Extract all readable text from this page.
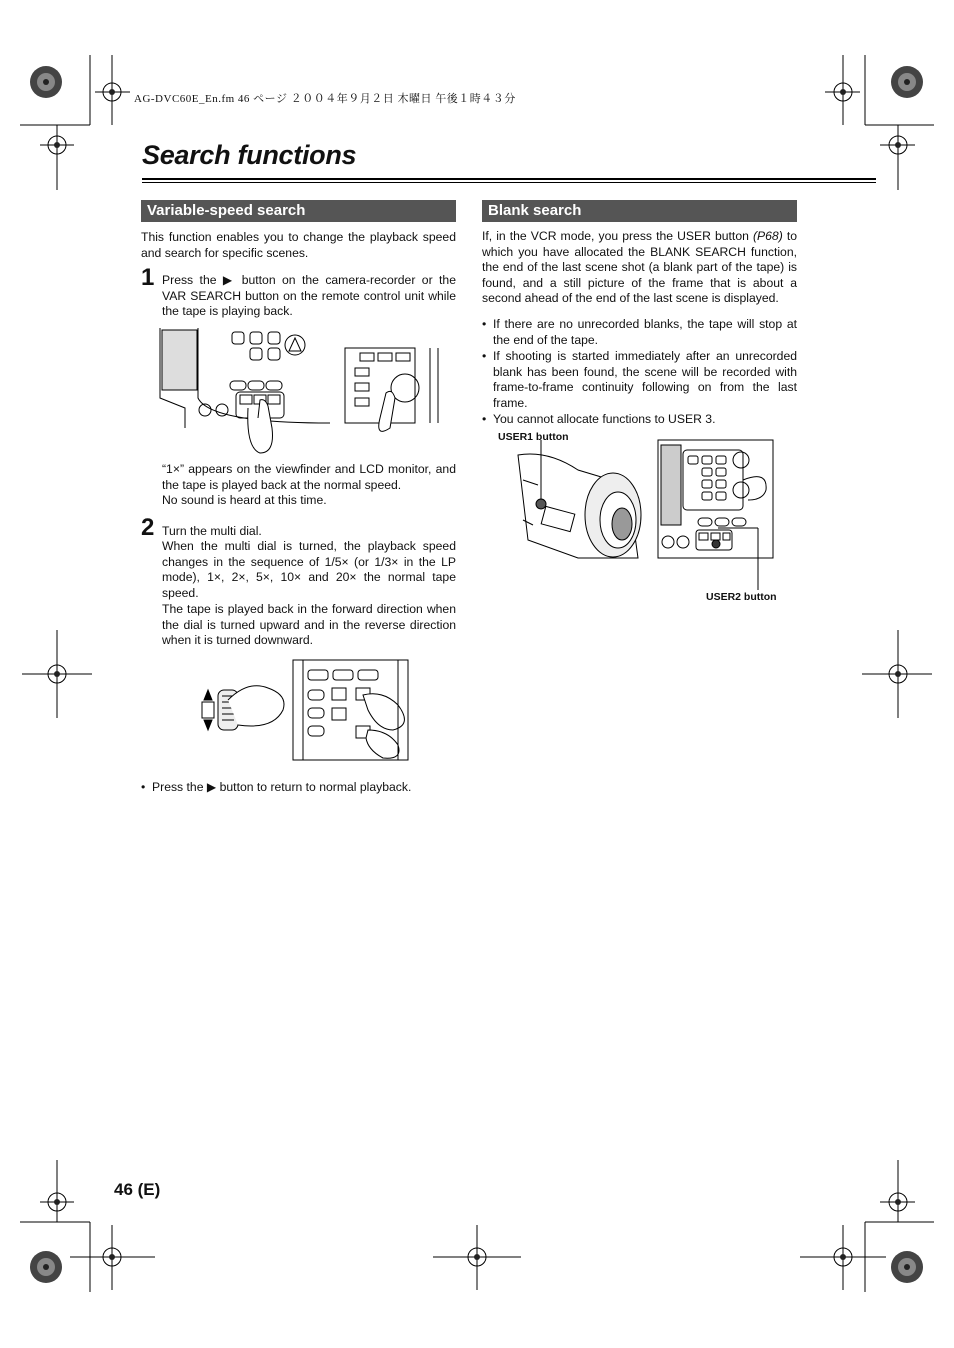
AG-DVC60E_En.fm 46 ページ ２００４年９月２日 木曜日 午後１時４３分
Search functions
Variable-speed search
This function enables you to change the playback speed and search for specific scenes.
1 Press the ▶ button on the camera-recorder or the VAR SEARCH button on the remote control unit while the tape is playing back.
“1×” appears on the viewfinder and LCD monitor, and the tape is played back at the normal speed.
No sound is heard at this time.
2 Turn the multi dial.
When the multi dial is turned, the playback speed changes in the sequence of 1/5× (or 1/3× in the LP mode), 1×, 2×, 5×, 10× and 20× the normal tape speed.
The tape is played back in the forward direction when the dial is turned upward and in the reverse direction when it is turned downward.
• Press the ▶ button to return to normal playback.
Blank search
If, in the VCR mode, you press the USER button (P68) to which you have allocated the BLANK SEARCH function, the end of the last scene shot (a blank part of the tape) is found, and a still picture of the frame that is about a second ahead of the end of the last scene is displayed.
• If there are no unrecorded blanks, the tape will stop at the end of the tape.
• If shooting is started immediately after an unrecorded blank has been found, the scene will be recorded with frame-to-frame continuity following on from the last frame.
• You cannot allocate functions to USER 3.
USER1 button
USER2 button
46 (E)
